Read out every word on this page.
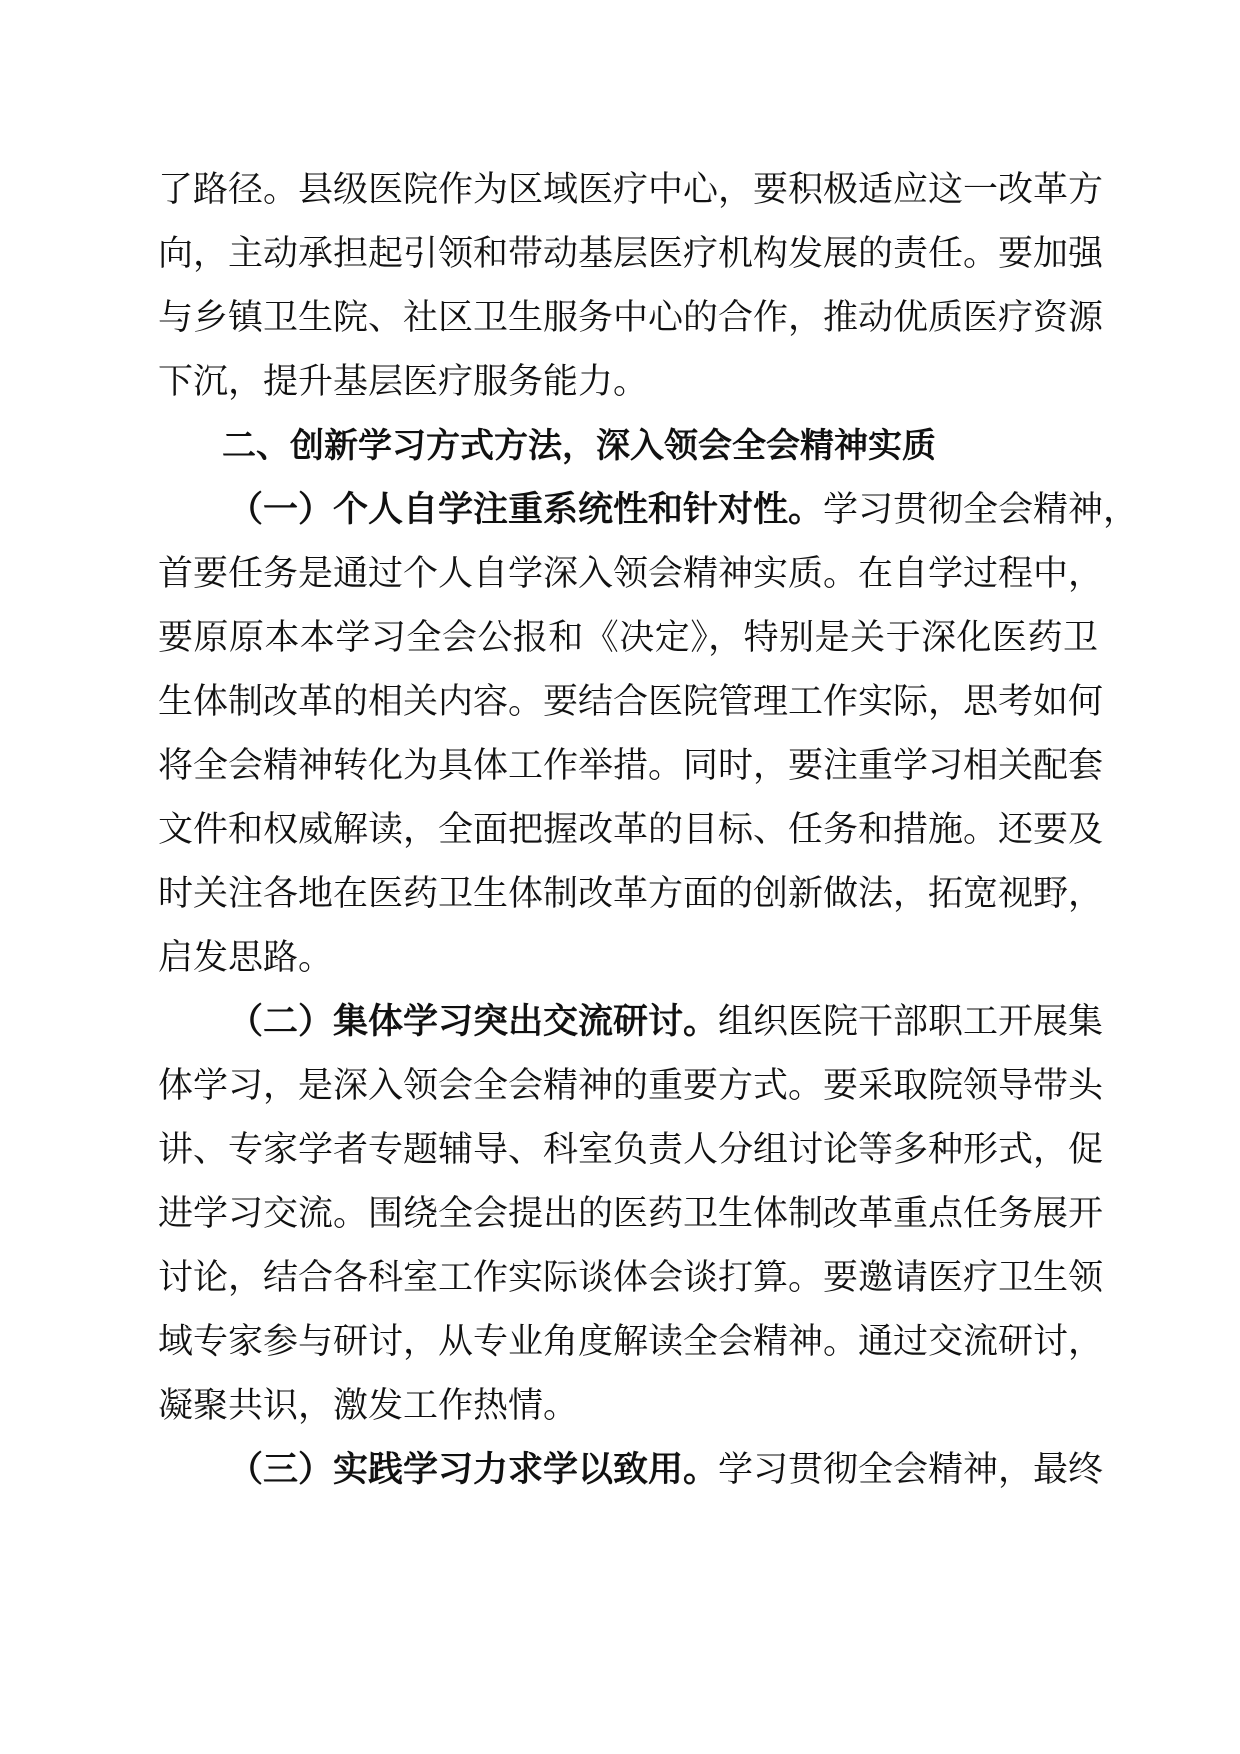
了路径。县级医院作为区域医疗中心，要积极适应这一改革方
向，主动承担起引领和带动基层医疗机构发展的责任。要加强
与乡镇卫生院、社区卫生服务中心的合作，推动优质医疗资源
下沉，提升基层医疗服务能力。
二、创新学习方式方法，深入领会全会精神实质
（一）个人自学注重系统性和针对性。学习贯彻全会精神，
首要任务是通过个人自学深入领会精神实质。在自学过程中，
要原原本本学习全会公报和《决定》，特别是关于深化医药卫
生体制改革的相关内容。要结合医院管理工作实际，思考如何
将全会精神转化为具体工作举措。同时，要注重学习相关配套
文件和权威解读，全面把握改革的目标、任务和措施。还要及
时关注各地在医药卫生体制改革方面的创新做法，拓宽视野，
启发思路。
（二）集体学习突出交流研讨。组织医院干部职工开展集
体学习，是深入领会全会精神的重要方式。要采取院领导带头
讲、专家学者专题辅导、科室负责人分组讨论等多种形式，促
进学习交流。围绕全会提出的医药卫生体制改革重点任务展开
讨论，结合各科室工作实际谈体会谈打算。要邀请医疗卫生领
域专家参与研讨，从专业角度解读全会精神。通过交流研讨，
凝聚共识，激发工作热情。
（三）实践学习力求学以致用。学习贯彻全会精神，最终
